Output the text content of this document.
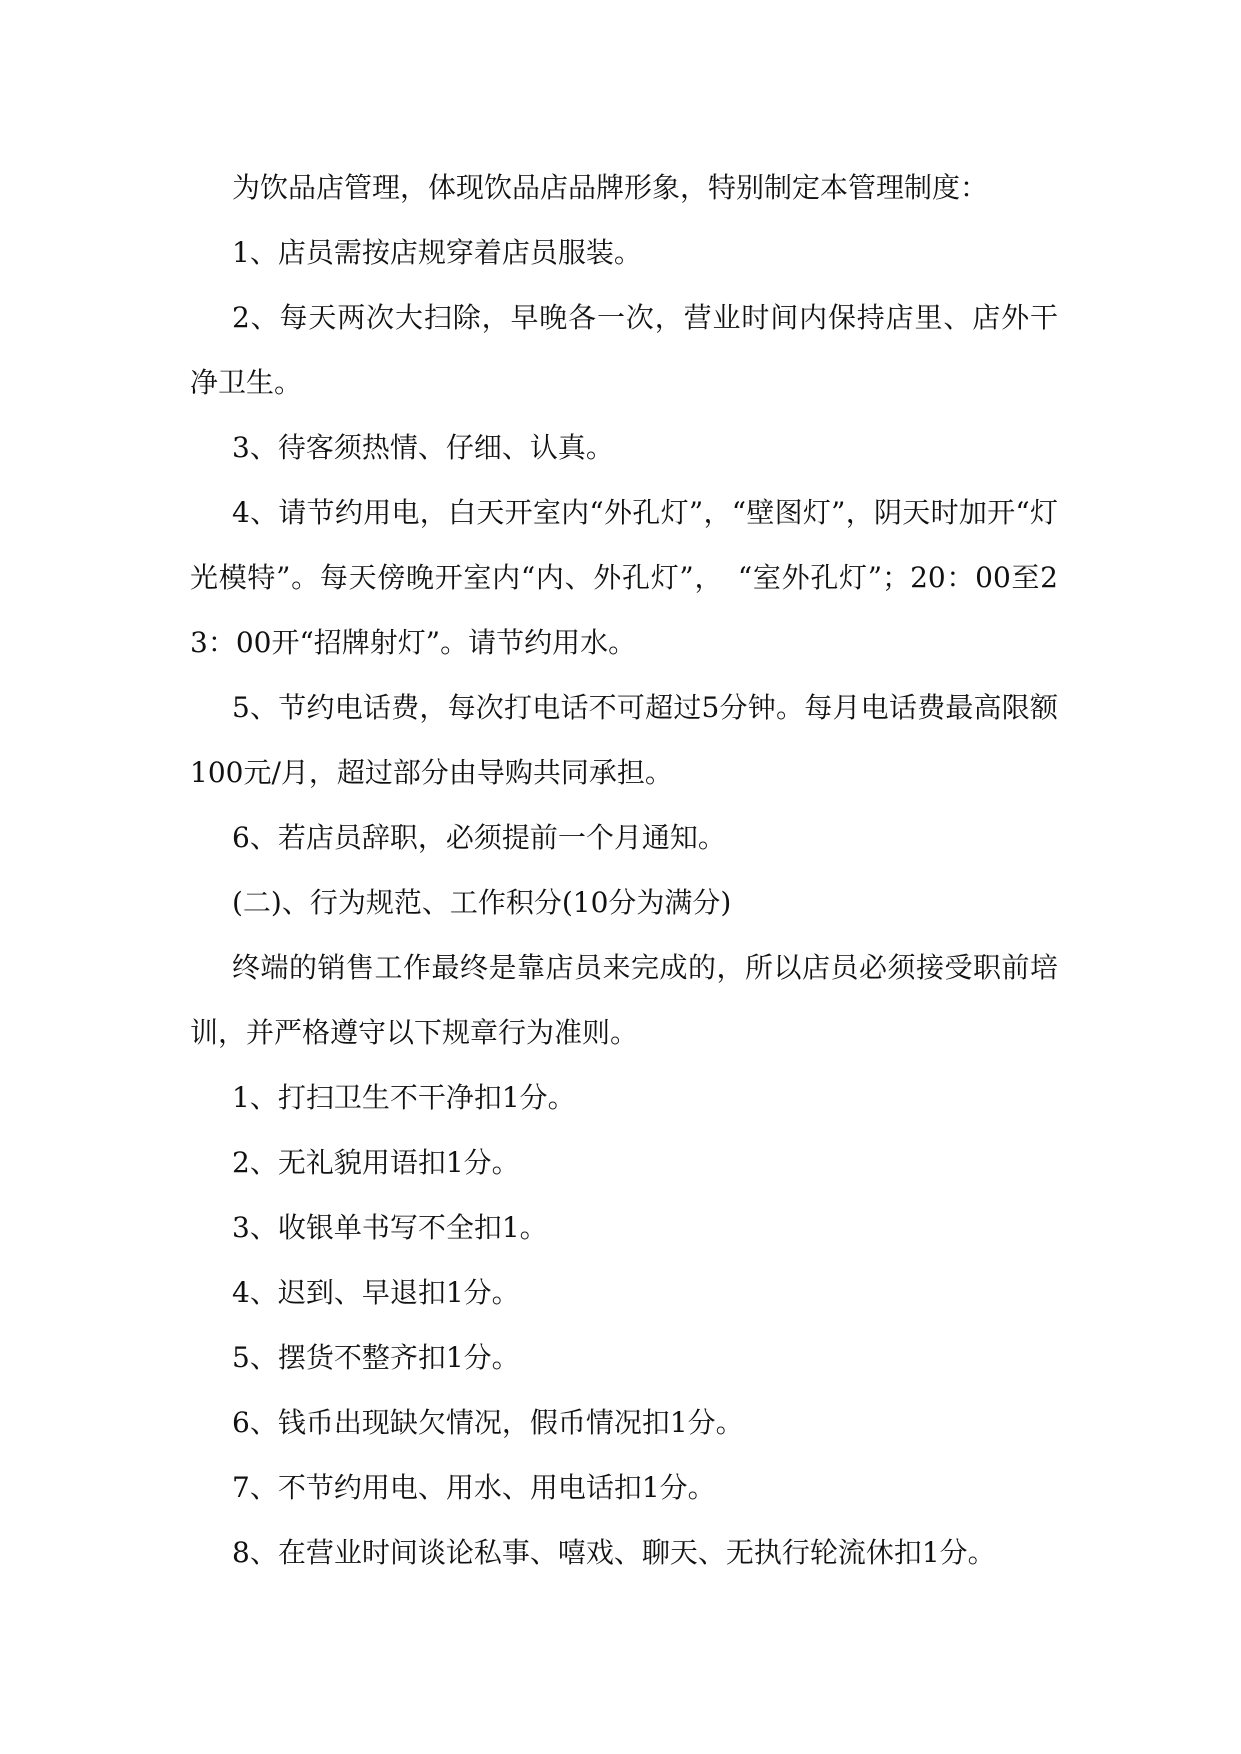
为饮品店管理，体现饮品店品牌形象，特别制定本管理制度：

1、店员需按店规穿着店员服装。

2、每天两次大扫除，早晚各一次，营业时间内保持店里、店外干净卫生。

3、待客须热情、仔细、认真。

4、请节约用电，白天开室内“外孔灯”，“壁图灯”，阴天时加开“灯光模特”。每天傍晚开室内“内、外孔灯”，　“室外孔灯”；20：00至23：00开“招牌射灯”。请节约用水。

5、节约电话费，每次打电话不可超过5分钟。每月电话费最高限额100元/月，超过部分由导购共同承担。

6、若店员辞职，必须提前一个月通知。

(二)、行为规范、工作积分(10分为满分)

终端的销售工作最终是靠店员来完成的，所以店员必须接受职前培训，并严格遵守以下规章行为准则。

1、打扫卫生不干净扣1分。

2、无礼貌用语扣1分。

3、收银单书写不全扣1。

4、迟到、早退扣1分。

5、摆货不整齐扣1分。

6、钱币出现缺欠情况，假币情况扣1分。

7、不节约用电、用水、用电话扣1分。

8、在营业时间谈论私事、嘻戏、聊天、无执行轮流休扣1分。
